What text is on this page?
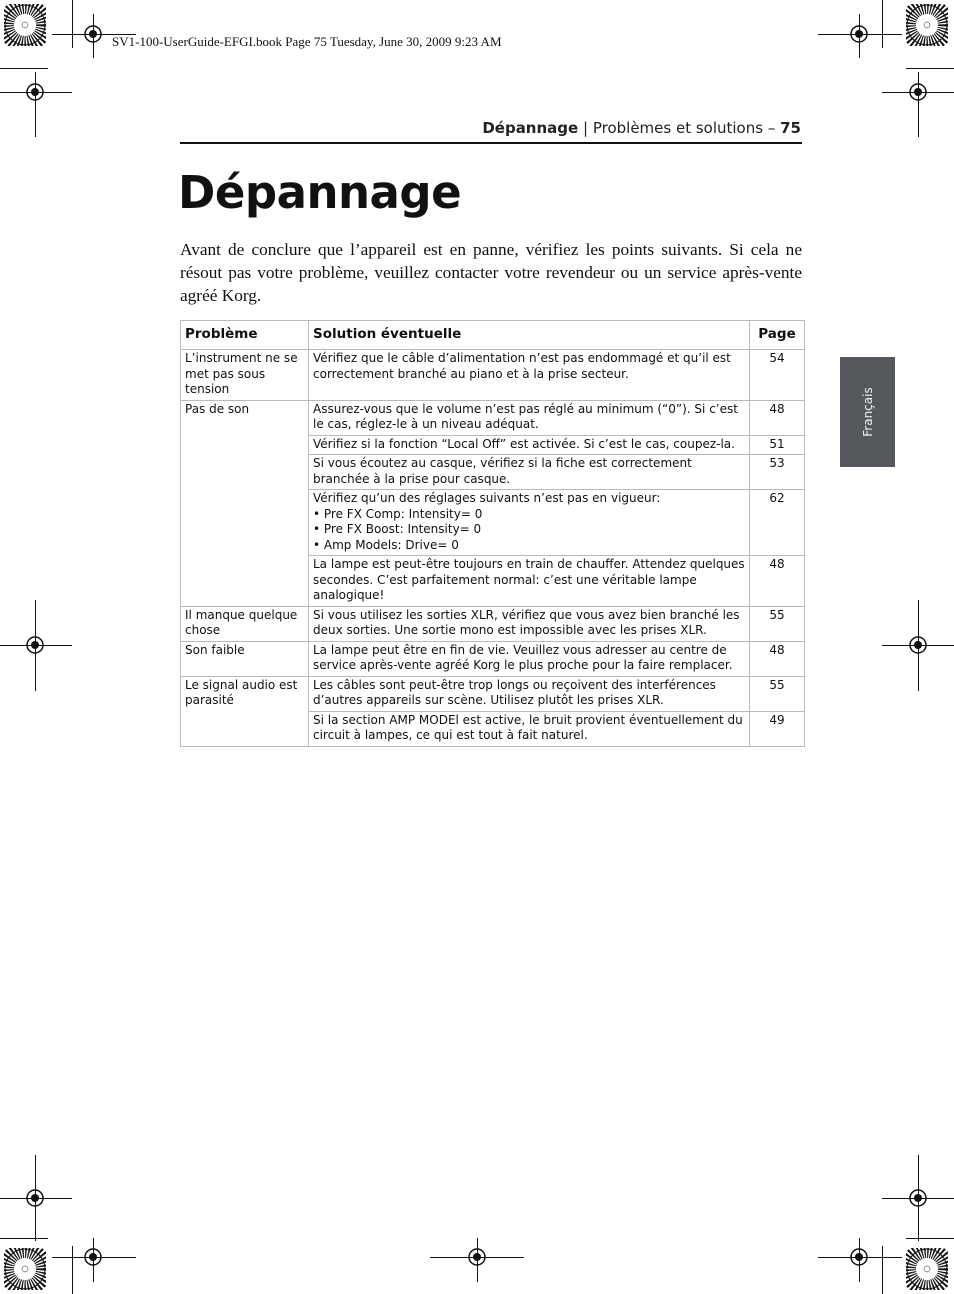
SV1-100-UserGuide-EFGI.book Page 75 Tuesday, June 30, 2009 9:23 AM
Dépannage | Problèmes et solutions – 75
Dépannage

Avant de conclure que l’appareil est en panne, vérifiez les points suivants. Si cela ne résout pas votre problème, veuillez contacter votre revendeur ou un service après-vente agréé Korg.

Français
Problème	Solution éventuelle	Page
L’instrument ne se met pas sous tension	Vérifiez que le câble d’alimentation n’est pas endommagé et qu’il est correctement branché au piano et à la prise secteur.	54
Pas de son	Assurez-vous que le volume n’est pas réglé au minimum (“0”). Si c’est le cas, réglez-le à un niveau adéquat.	48

	Vérifiez si la fonction “Local Off” est activée. Si c’est le cas, coupez-la.	51

	Si vous écoutez au casque, vérifiez si la fiche est correctement branchée à la prise pour casque.	53

	Vérifiez qu’un des réglages suivants n’est pas en vigueur:
• Pre FX Comp: Intensity= 0
• Pre FX Boost: Intensity= 0
• Amp Models: Drive= 0	62

	La lampe est peut-être toujours en train de chauffer. Attendez quelques secondes. C’est parfaitement normal: c’est une véritable lampe analogique!	48
Il manque quelque chose	Si vous utilisez les sorties XLR, vérifiez que vous avez bien branché les deux sorties. Une sortie mono est impossible avec les prises XLR.	55
Son faible	La lampe peut être en fin de vie. Veuillez vous adresser au centre de service après-vente agréé Korg le plus proche pour la faire remplacer.	48
Le signal audio est parasité	Les câbles sont peut-être trop longs ou reçoivent des interférences d’autres appareils sur scène. Utilisez plutôt les prises XLR.	55

	Si la section AMP MODEl est active, le bruit provient éventuellement du circuit à lampes, ce qui est tout à fait naturel.	49
